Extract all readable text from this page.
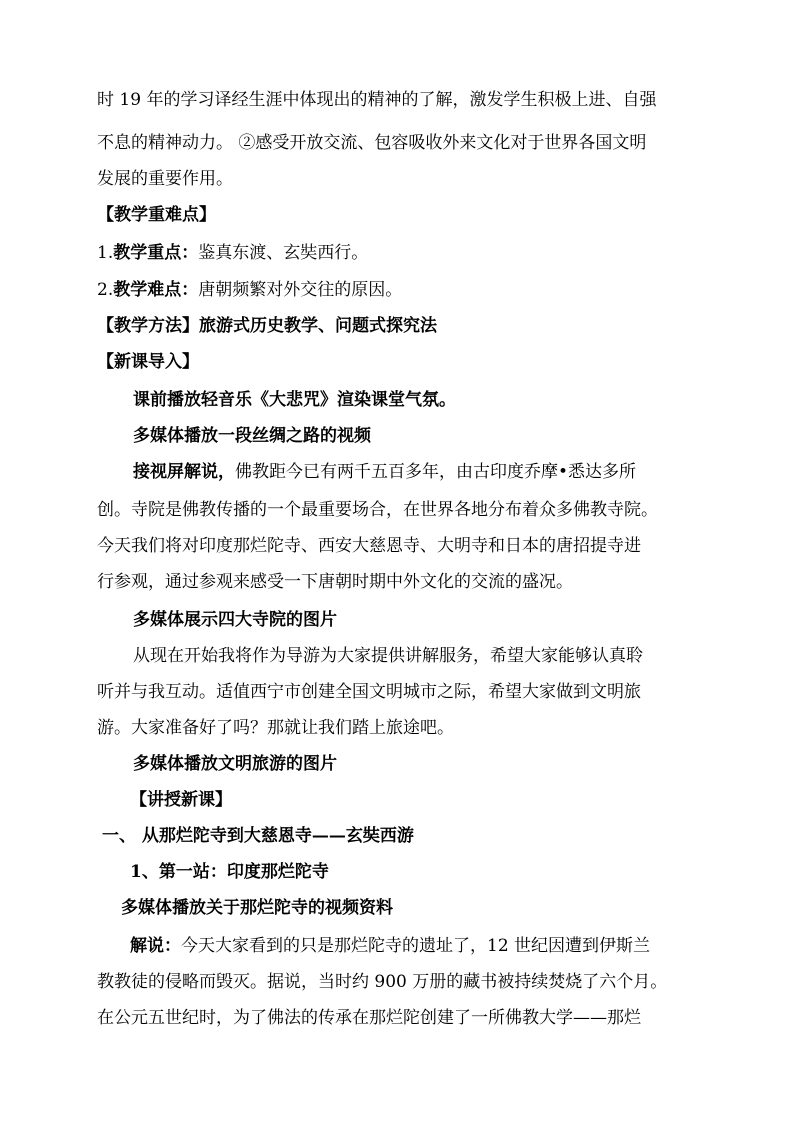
时 19 年的学习译经生涯中体现出的精神的了解，激发学生积极上进、自强
不息的精神动力。 ②感受开放交流、包容吸收外来文化对于世界各国文明
发展的重要作用。
【教学重难点】
1.教学重点：鉴真东渡、玄奘西行。
2.教学难点：唐朝频繁对外交往的原因。
【教学方法】旅游式历史教学、问题式探究法
【新课导入】
课前播放轻音乐《大悲咒》渲染课堂气氛。
多媒体播放一段丝绸之路的视频
接视屏解说，佛教距今已有两千五百多年，由古印度乔摩•悉达多所
创。寺院是佛教传播的一个最重要场合，在世界各地分布着众多佛教寺院。
今天我们将对印度那烂陀寺、西安大慈恩寺、大明寺和日本的唐招提寺进
行参观，通过参观来感受一下唐朝时期中外文化的交流的盛况。
多媒体展示四大寺院的图片
从现在开始我将作为导游为大家提供讲解服务，希望大家能够认真聆
听并与我互动。适值西宁市创建全国文明城市之际，希望大家做到文明旅
游。大家准备好了吗？那就让我们踏上旅途吧。
多媒体播放文明旅游的图片
【讲授新课】
一、 从那烂陀寺到大慈恩寺——玄奘西游
1、第一站：印度那烂陀寺
多媒体播放关于那烂陀寺的视频资料
解说：今天大家看到的只是那烂陀寺的遗址了，12 世纪因遭到伊斯兰
教教徒的侵略而毁灭。据说，当时约 900 万册的藏书被持续焚烧了六个月。
在公元五世纪时，为了佛法的传承在那烂陀创建了一所佛教大学——那烂
